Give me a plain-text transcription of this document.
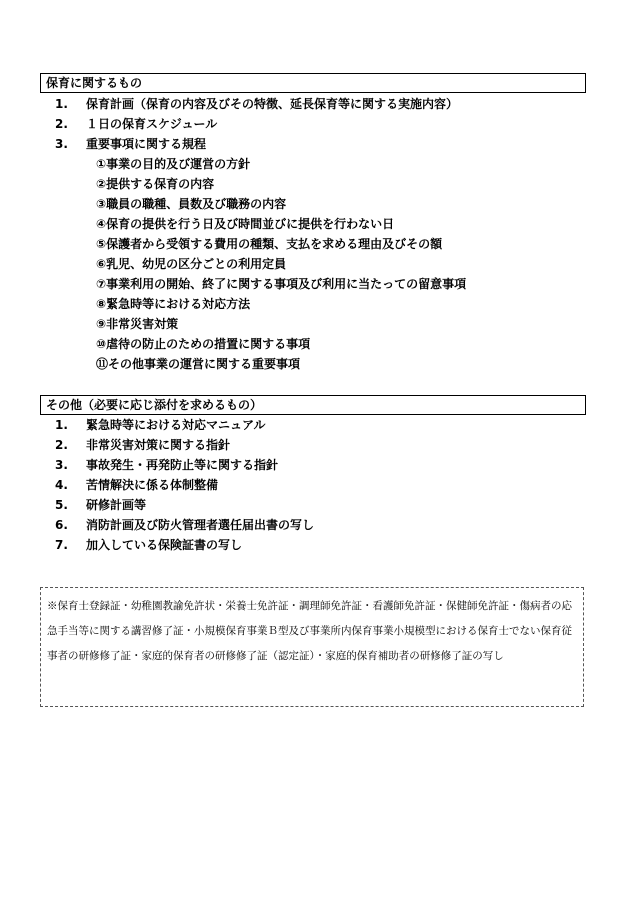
保育に関するもの
1.	保育計画（保育の内容及びその特徴、延長保育等に関する実施内容）
2.	１日の保育スケジュール
3.	重要事項に関する規程
①事業の目的及び運営の方針
②提供する保育の内容
③職員の職種、員数及び職務の内容
④保育の提供を行う日及び時間並びに提供を行わない日
⑤保護者から受領する費用の種類、支払を求める理由及びその額
⑥乳児、幼児の区分ごとの利用定員
⑦事業利用の開始、終了に関する事項及び利用に当たっての留意事項
⑧緊急時等における対応方法
⑨非常災害対策
⑩虐待の防止のための措置に関する事項
⑪その他事業の運営に関する重要事項
その他（必要に応じ添付を求めるもの）
1.	緊急時等における対応マニュアル
2.	非常災害対策に関する指針
3.	事故発生・再発防止等に関する指針
4.	苦情解決に係る体制整備
5.	研修計画等
6.	消防計画及び防火管理者選任届出書の写し
7.	加入している保険証書の写し
※保育士登録証・幼稚園教諭免許状・栄養士免許証・調理師免許証・看護師免許証・保健師免許証・傷病者の応急手当等に関する講習修了証・小規模保育事業Ｂ型及び事業所内保育事業小規模型における保育士でない保育従事者の研修修了証・家庭的保育者の研修修了証（認定証）・家庭的保育補助者の研修修了証の写し
